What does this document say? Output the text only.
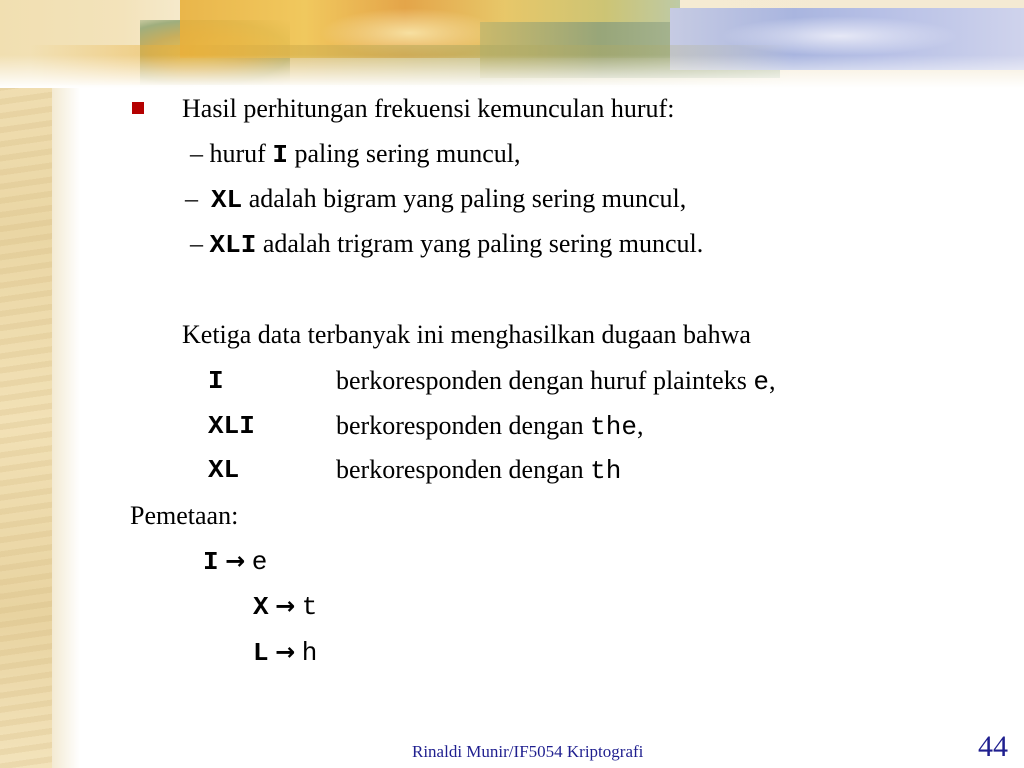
Hasil perhitungan frekuensi kemunculan huruf:
– huruf I paling sering muncul,
– XL adalah bigram yang paling sering muncul,
– XLI adalah trigram yang paling sering muncul.
Ketiga data terbanyak ini menghasilkan dugaan bahwa
I	berkoresponden dengan huruf plainteks e,
XLI	berkoresponden dengan the,
XL	berkoresponden dengan th
Pemetaan:
I → e
X → t
L → h
Rinaldi Munir/IF5054 Kriptografi	44
